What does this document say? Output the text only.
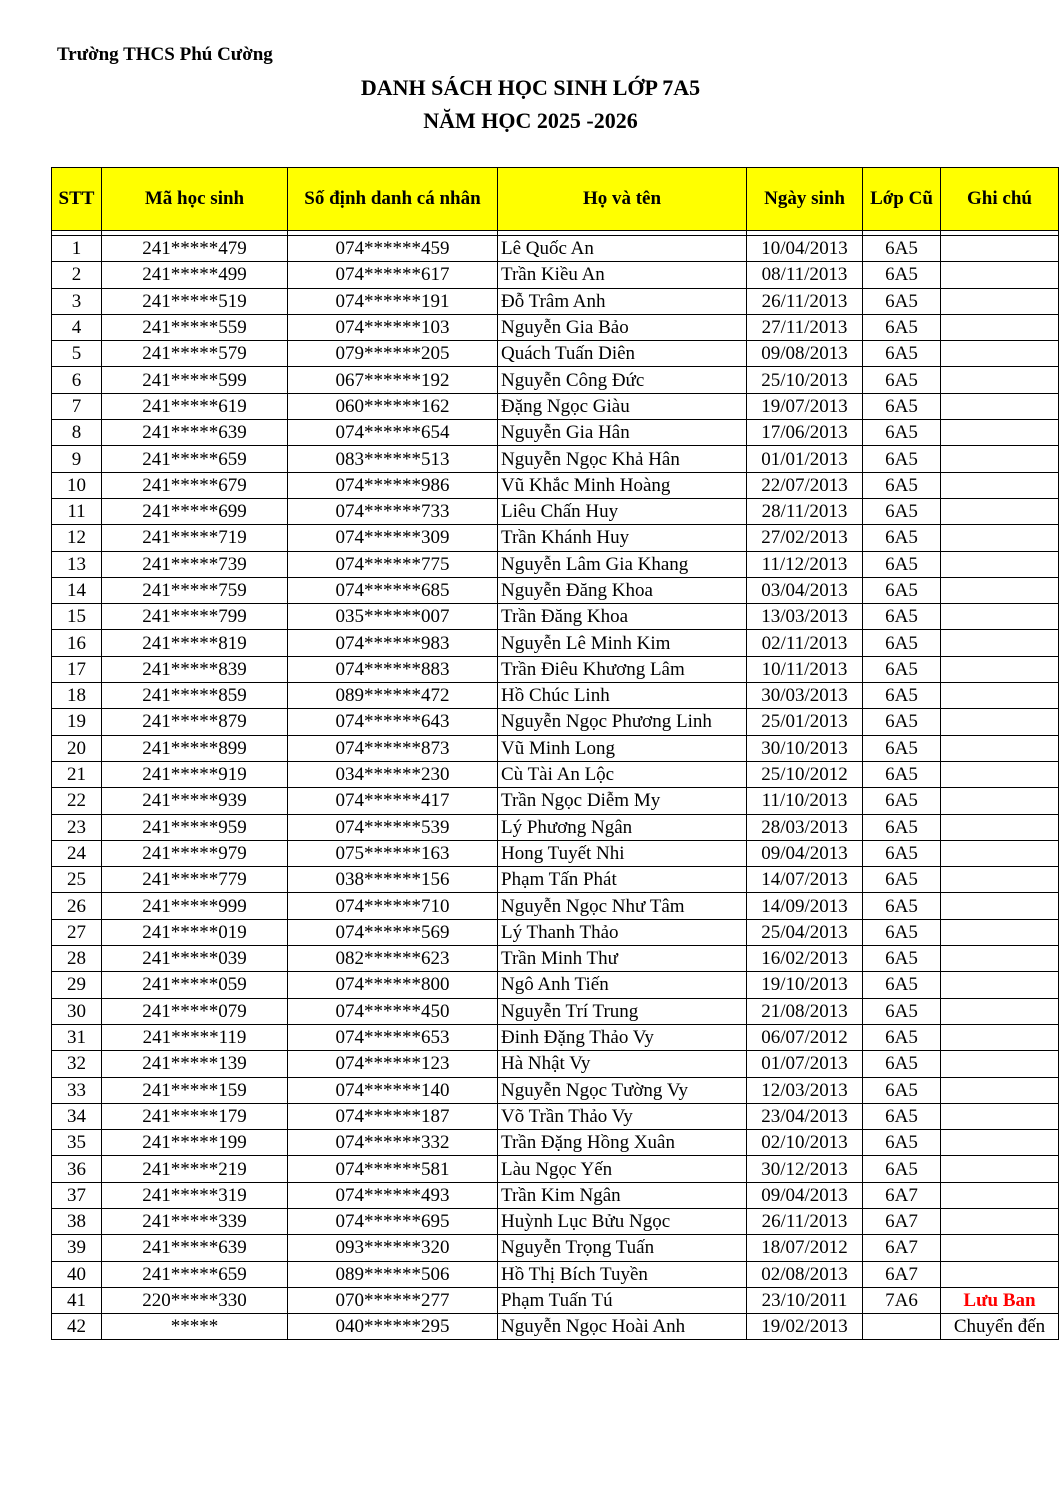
Trường THCS Phú Cường
DANH SÁCH HỌC SINH LỚP 7A5
NĂM HỌC 2025 -2026
STT	Mã học sinh	Số định danh cá nhân	Họ và tên	Ngày sinh	Lớp Cũ	Ghi chú

1	241*****479	074******459	Lê Quốc An	10/04/2013	6A5	
2	241*****499	074******617	Trần Kiều An	08/11/2013	6A5	
3	241*****519	074******191	Đỗ Trâm Anh	26/11/2013	6A5	
4	241*****559	074******103	Nguyễn Gia Bảo	27/11/2013	6A5	
5	241*****579	079******205	Quách Tuấn Diên	09/08/2013	6A5	
6	241*****599	067******192	Nguyễn Công Đức	25/10/2013	6A5	
7	241*****619	060******162	Đặng Ngọc Giàu	19/07/2013	6A5	
8	241*****639	074******654	Nguyễn Gia Hân	17/06/2013	6A5	
9	241*****659	083******513	Nguyễn Ngọc Khả Hân	01/01/2013	6A5	
10	241*****679	074******986	Vũ Khắc Minh Hoàng	22/07/2013	6A5	
11	241*****699	074******733	Liêu Chấn Huy	28/11/2013	6A5	
12	241*****719	074******309	Trần Khánh Huy	27/02/2013	6A5	
13	241*****739	074******775	Nguyễn Lâm Gia Khang	11/12/2013	6A5	
14	241*****759	074******685	Nguyễn Đăng Khoa	03/04/2013	6A5	
15	241*****799	035******007	Trần Đăng Khoa	13/03/2013	6A5	
16	241*****819	074******983	Nguyễn Lê Minh Kim	02/11/2013	6A5	
17	241*****839	074******883	Trần Điêu Khương Lâm	10/11/2013	6A5	
18	241*****859	089******472	Hồ Chúc Linh	30/03/2013	6A5	
19	241*****879	074******643	Nguyễn Ngọc Phương Linh	25/01/2013	6A5	
20	241*****899	074******873	Vũ Minh Long	30/10/2013	6A5	
21	241*****919	034******230	Cù Tài An Lộc	25/10/2012	6A5	
22	241*****939	074******417	Trần Ngọc Diễm My	11/10/2013	6A5	
23	241*****959	074******539	Lý Phương Ngân	28/03/2013	6A5	
24	241*****979	075******163	Hong Tuyết Nhi	09/04/2013	6A5	
25	241*****779	038******156	Phạm Tấn Phát	14/07/2013	6A5	
26	241*****999	074******710	Nguyễn Ngọc Như Tâm	14/09/2013	6A5	
27	241*****019	074******569	Lý Thanh Thảo	25/04/2013	6A5	
28	241*****039	082******623	Trần Minh Thư	16/02/2013	6A5	
29	241*****059	074******800	Ngô Anh Tiến	19/10/2013	6A5	
30	241*****079	074******450	Nguyễn Trí Trung	21/08/2013	6A5	
31	241*****119	074******653	Đinh Đặng Thảo Vy	06/07/2012	6A5	
32	241*****139	074******123	Hà Nhật Vy	01/07/2013	6A5	
33	241*****159	074******140	Nguyễn Ngọc Tường Vy	12/03/2013	6A5	
34	241*****179	074******187	Võ Trần Thảo Vy	23/04/2013	6A5	
35	241*****199	074******332	Trần Đặng Hồng Xuân	02/10/2013	6A5	
36	241*****219	074******581	Làu Ngọc Yến	30/12/2013	6A5	
37	241*****319	074******493	Trần Kim Ngân	09/04/2013	6A7	
38	241*****339	074******695	Huỳnh Lục Bửu Ngọc	26/11/2013	6A7	
39	241*****639	093******320	Nguyễn Trọng Tuấn	18/07/2012	6A7	
40	241*****659	089******506	Hồ Thị Bích Tuyền	02/08/2013	6A7	
41	220*****330	070******277	Phạm Tuấn Tú	23/10/2011	7A6	Lưu Ban
42	*****	040******295	Nguyễn Ngọc Hoài Anh	19/02/2013		Chuyển đến
